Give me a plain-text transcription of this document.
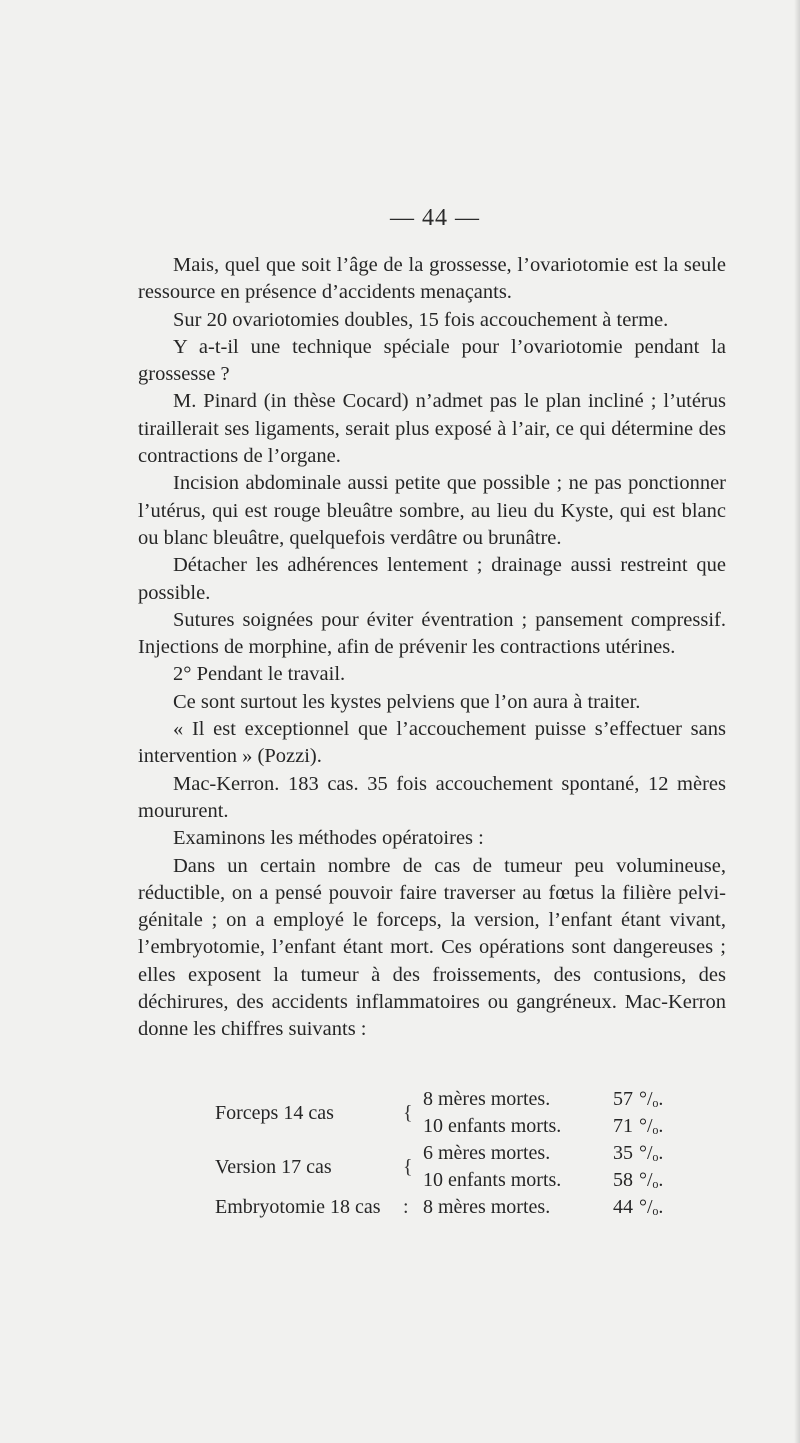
— 44 —

Mais, quel que soit l’âge de la grossesse, l’ovariotomie est la seule ressource en présence d’accidents menaçants.

Sur 20 ovariotomies doubles, 15 fois accouchement à terme.

Y a-t-il une technique spéciale pour l’ovariotomie pendant la grossesse ?

M. Pinard (in thèse Cocard) n’admet pas le plan incliné ; l’utérus tiraillerait ses ligaments, serait plus exposé à l’air, ce qui détermine des contractions de l’organe.

Incision abdominale aussi petite que possible ; ne pas ponctionner l’utérus, qui est rouge bleuâtre sombre, au lieu du Kyste, qui est blanc ou blanc bleuâtre, quelquefois verdâtre ou brunâtre.

Détacher les adhérences lentement ; drainage aussi restreint que possible.

Sutures soignées pour éviter éventration ; pansement compressif. Injections de morphine, afin de prévenir les contractions utérines.

2° Pendant le travail.

Ce sont surtout les kystes pelviens que l’on aura à traiter.

« Il est exceptionnel que l’accouchement puisse s’effectuer sans intervention » (Pozzi).

Mac-Kerron. 183 cas. 35 fois accouchement spontané, 12 mères moururent.

Examinons les méthodes opératoires :

Dans un certain nombre de cas de tumeur peu volumineuse, réductible, on a pensé pouvoir faire traverser au fœtus la filière pelvi-génitale ; on a employé le forceps, la version, l’enfant étant vivant, l’embryotomie, l’enfant étant mort. Ces opérations sont dangereuses ; elles exposent la tumeur à des froissements, des contusions, des déchirures, des accidents inflammatoires ou gangréneux. Mac-Kerron donne les chiffres suivants :

Forceps 14 cas	{
8 mères mortes.	57 °/ₒ.
10 enfants morts.	71 °/ₒ.
Version 17 cas	{
6 mères mortes.	35 °/ₒ.
10 enfants morts.	58 °/ₒ.
Embryotomie 18 cas	: 8 mères mortes.	44 °/ₒ.
